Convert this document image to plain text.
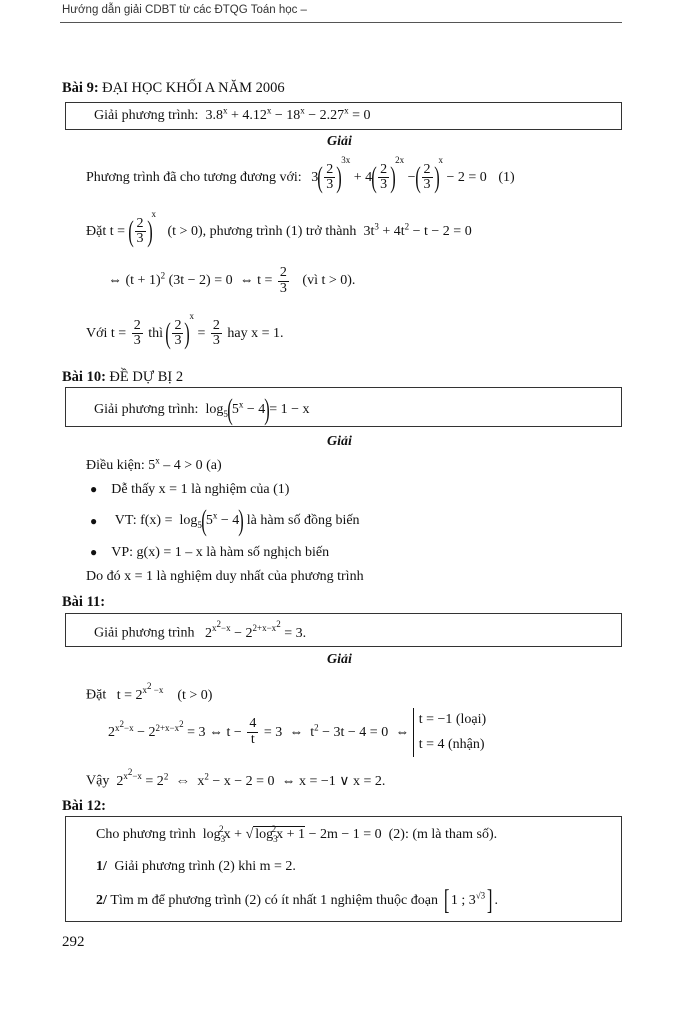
Hướng dẫn giải CDBT từ các ĐTQG Toán học –
Bài 9: ĐẠI HỌC KHỐI A NĂM 2006
Giải phương trình:  $3.8^x + 4.12^x - 18^x - 2.27^x = 0$
Giải
Phương trình đã cho tương đương với: $3( \frac{2}{3} )^{3x} + 4( \frac{2}{3} )^{2x}$ −( $\frac{2}{3} )^x - 2 = 0$ (1)
Đặt t = ( $\frac{2}{3} )^x$ (t > 0), phương trình (1) trở thành  $3t^3 + 4t^2 - t - 2 = 0$
⇔ $(t + 1)^2$ (3t − 2) = 0  ⇔ $t = \frac{2}{3}$ (vì t > 0).
Với $t = \frac{2}{3}$ thì ( $\frac{2}{3} )^x = \frac{2}{3}$ hay x = 1.
Bài 10: ĐỀ DỰ BỊ 2
Giải phương trình:  $\log_5(5^x - 4)= 1 - x$
Giải
Điều kiện: 5$^x$ – 4 > 0 (a)
● Dễ thấy x = 1 là nghiệm của (1)
● VT: $f(x) = \log_5(5^x - 4)$ là hàm số đồng biến
● VP: g(x) = 1 – x là hàm số nghịch biến
Do đó x = 1 là nghiệm duy nhất của phương trình
Bài 11:
Giải phương trình   $2^{x^2-x} - 2^{2+x-x^2} = 3$.
Giải
Đặt   $t = 2^{x^2 -x}$    (t > 0)
$2^{x^2-x} - 2^{2+x-x^2} = 3$ ⇔ $t - \frac{4}{t} = 3$  ⇔  $t^2 - 3t - 4 = 0$  ⇔
t = −1 (loại)
t = 4 (nhận)
Vậy  $2^{x^2-x} = 2^2$ ⇔  $x^2 - x - 2 = 0$  ⇔ x = −1 ∨ x = 2.
Bài 12:
Cho phương trình  $\log_3^2x$ + √ $\log_3^2x + 1 - 2m - 1 = 0$  (2): (m là tham số).
1/ Giải phương trình (2) khi m = 2.
2/ Tìm m để phương trình (2) có ít nhất 1 nghiệm thuộc đoạn [ 1 ; $3^{√3}$] .
292
